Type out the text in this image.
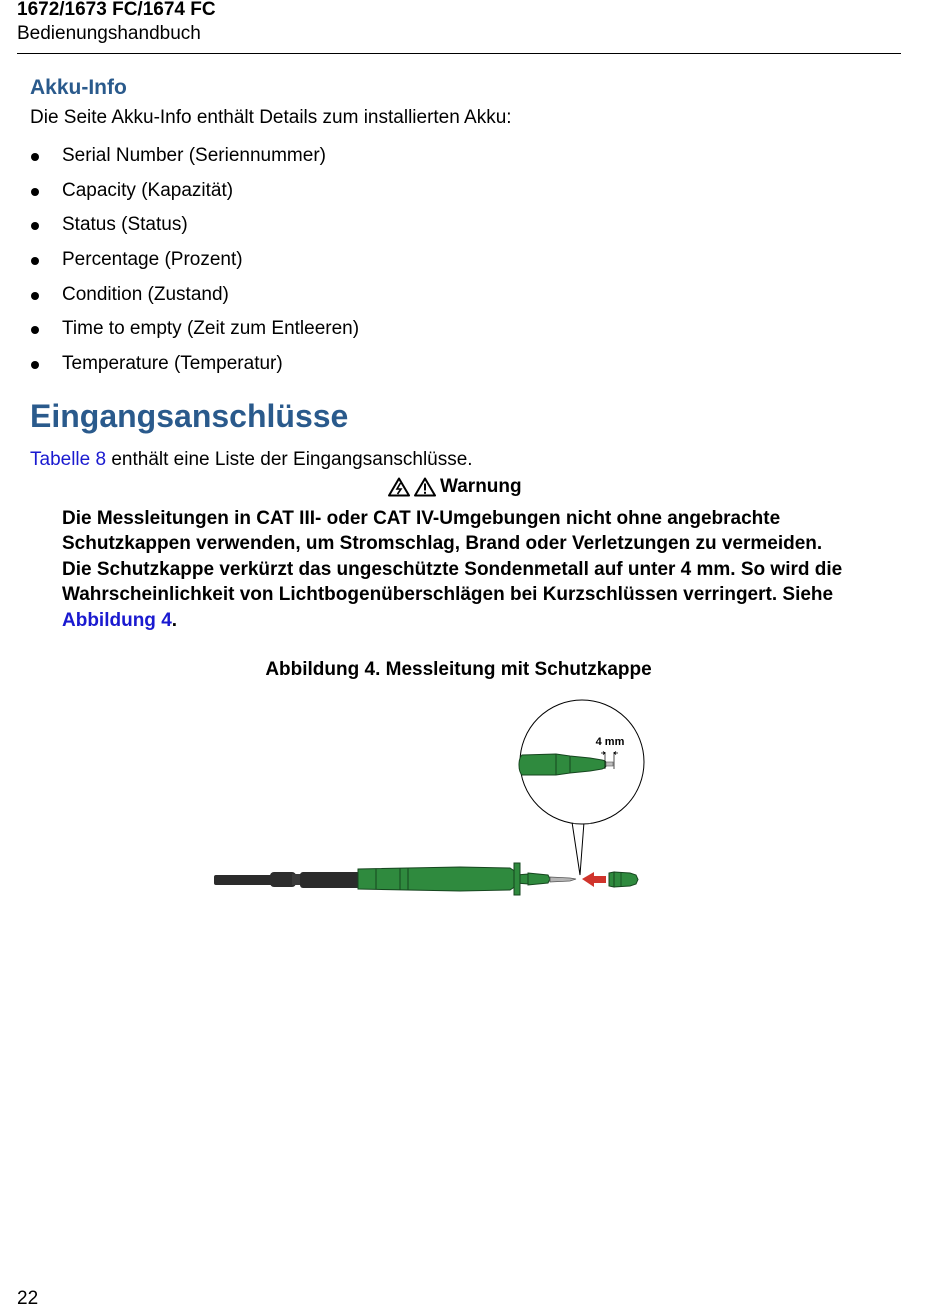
1672/1673 FC/1674 FC
Bedienungshandbuch
Akku-Info
Die Seite Akku-Info enthält Details zum installierten Akku:
Serial Number (Seriennummer)
Capacity (Kapazität)
Status (Status)
Percentage (Prozent)
Condition (Zustand)
Time to empty (Zeit zum Entleeren)
Temperature (Temperatur)
Eingangsanschlüsse
Tabelle 8 enthält eine Liste der Eingangsanschlüsse.
Warnung
Die Messleitungen in CAT III- oder CAT IV-Umgebungen nicht ohne angebrachte Schutzkappen verwenden, um Stromschlag, Brand oder Verletzungen zu vermeiden. Die Schutzkappe verkürzt das ungeschützte Sondenmetall auf unter 4 mm. So wird die Wahrscheinlichkeit von Lichtbogenüberschlägen bei Kurzschlüssen verringert. Siehe Abbildung 4.
Abbildung 4. Messleitung mit Schutzkappe
4 mm
22
